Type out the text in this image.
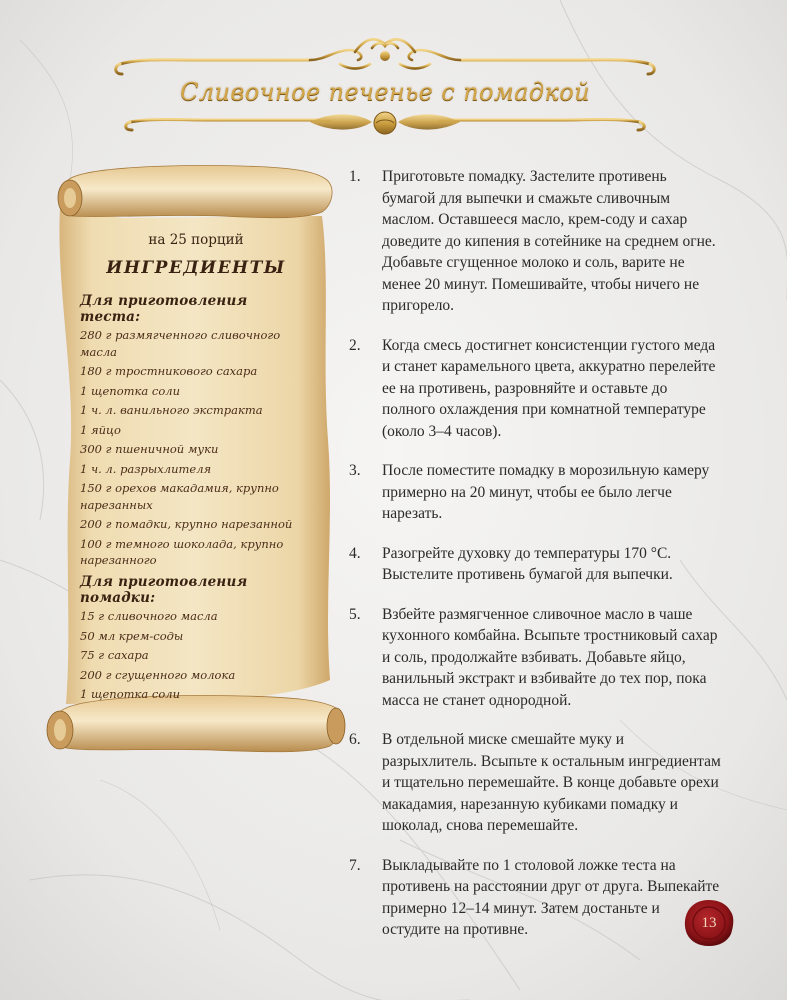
Сливочное печенье с помадкой

на 25 порций

ИНГРЕДИЕНТЫ
Для приготовления теста:
280 г размягченного сливочного масла
180 г тростникового сахара
1 щепотка соли
1 ч. л. ванильного экстракта
1 яйцо
300 г пшеничной муки
1 ч. л. разрыхлителя
150 г орехов макадамия, крупно нарезанных
200 г помадки, крупно нарезанной
100 г темного шоколада, крупно нарезанного
Для приготовления помадки:
15 г сливочного масла
50 мл крем-соды
75 г сахара
200 г сгущенного молока
1 щепотка соли
1.	Приготовьте помадку. Застелите противень бумагой для выпечки и смажьте сливочным маслом. Оставшееся масло, крем-соду и сахар доведите до кипения в сотейнике на среднем огне. Добавьте сгущенное молоко и соль, варите не менее 20 минут. Помешивайте, чтобы ничего не пригорело.
2.	Когда смесь достигнет консистенции густого меда и станет карамельного цвета, аккуратно перелейте ее на противень, разровняйте и оставьте до полного охлаждения при комнатной температуре (около 3–4 часов).
3.	После поместите помадку в морозильную камеру примерно на 20 минут, чтобы ее было легче нарезать.
4.	Разогрейте духовку до температуры 170 °С. Выстелите противень бумагой для выпечки.
5.	Взбейте размягченное сливочное масло в чаше кухонного комбайна. Всыпьте тростниковый сахар и соль, продолжайте взбивать. Добавьте яйцо, ванильный экстракт и взбивайте до тех пор, пока масса не станет однородной.
6.	В отдельной миске смешайте муку и разрыхлитель. Всыпьте к остальным ингредиентам и тщательно перемешайте. В конце добавьте орехи макадамия, нарезанную кубиками помадку и шоколад, снова перемешайте.
7.	Выкладывайте по 1 столовой ложке теста на противень на расстоянии друг от друга. Выпекайте примерно 12–14 минут. Затем достаньте и остудите на противне.	13
